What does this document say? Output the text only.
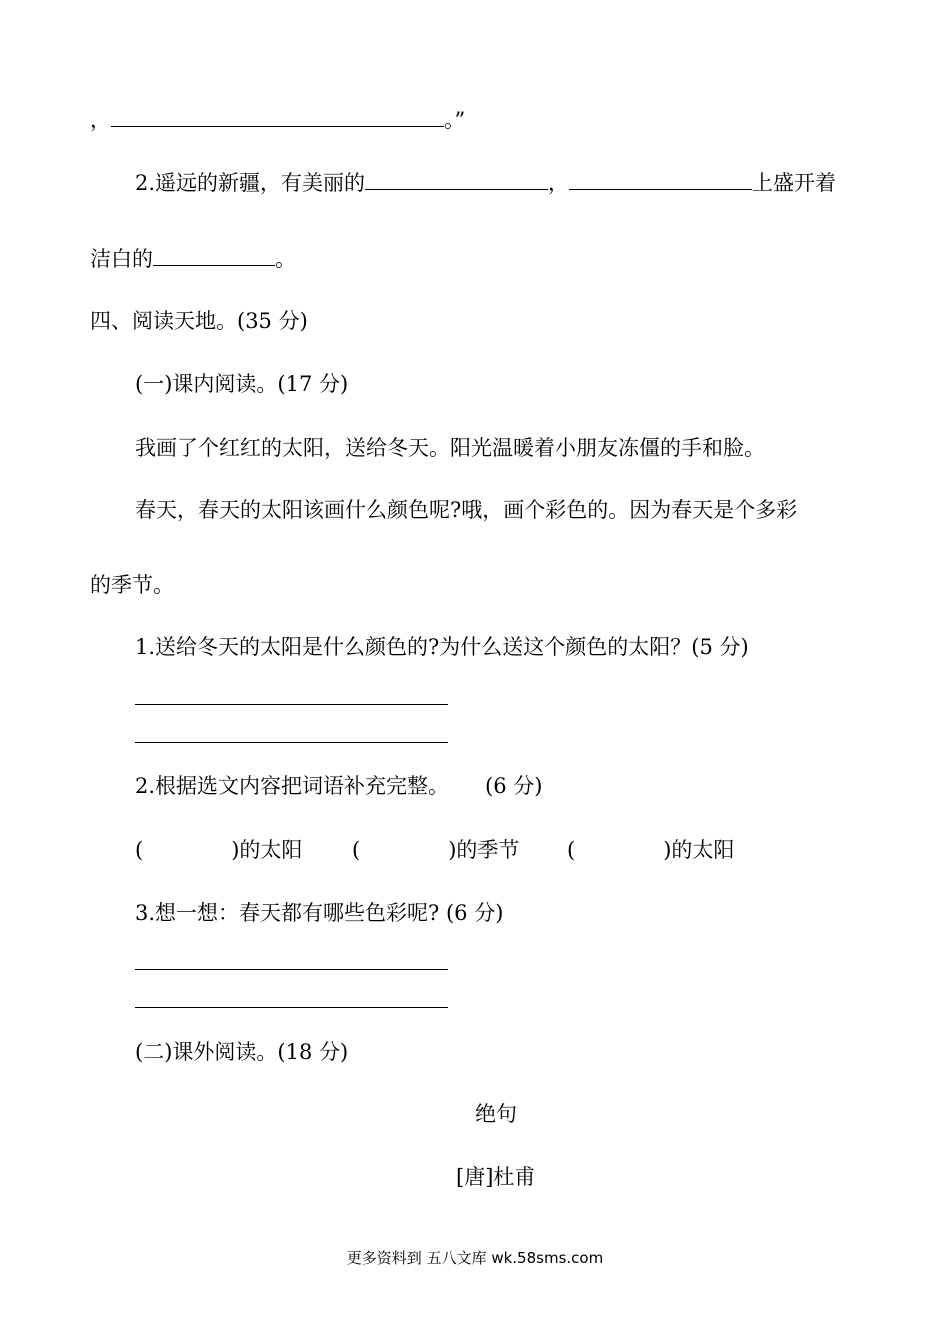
，	。”
2.遥远的新疆，有美丽的	，	上盛开着
洁白的	。
四、阅读天地。(35 分)
(一)课内阅读。(17 分)
我画了个红红的太阳，送给冬天。阳光温暖着小朋友冻僵的手和脸。
春天，春天的太阳该画什么颜色呢?哦，画个彩色的。因为春天是个多彩
的季节。
1.送给冬天的太阳是什么颜色的?为什么送这个颜色的太阳？(5 分)
2.根据选文内容把词语补充完整。 (6 分)
(	)的太阳 (	)的季节 (	)的太阳
3.想一想：春天都有哪些色彩呢? (6 分)
(二)课外阅读。(18 分)
绝句
[唐]杜甫
更多资料到 五八文库 wk.58sms.com
